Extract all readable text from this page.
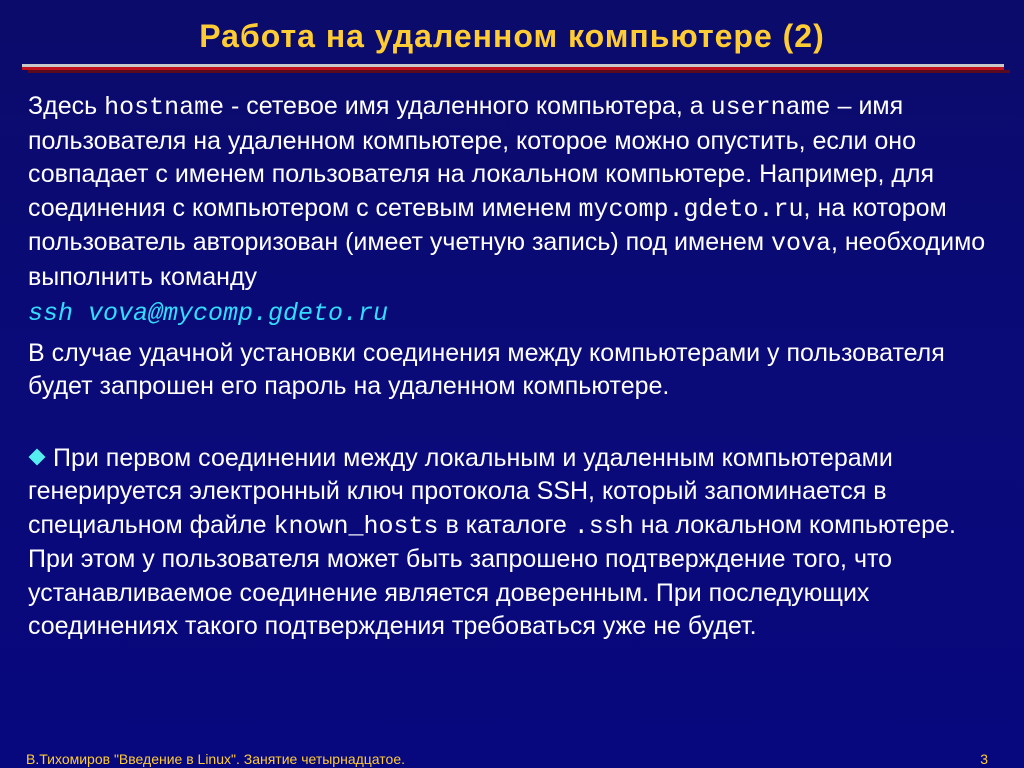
Работа на удаленном компьютере (2)

Здесь hostname - сетевое имя удаленного компьютера, а username – имя пользователя на удаленном компьютере, которое можно опустить, если оно совпадает с именем пользователя на локальном компьютере. Например, для соединения с компьютером с сетевым именем mycomp.gdeto.ru, на котором пользователь авторизован (имеет учетную запись) под именем vova, необходимо выполнить команду

ssh vova@mycomp.gdeto.ru

В случае удачной установки соединения между компьютерами у пользователя будет запрошен его пароль на удаленном компьютере.

При первом соединении между локальным и удаленным компьютерами генерируется электронный ключ протокола SSH, который запоминается в специальном файле known_hosts в каталоге .ssh на локальном компьютере. При этом у пользователя может быть запрошено подтверждение того, что устанавливаемое соединение является доверенным. При последующих соединениях такого подтверждения требоваться уже не будет.

В.Тихомиров "Введение в Linux". Занятие четырнадцатое.	3
